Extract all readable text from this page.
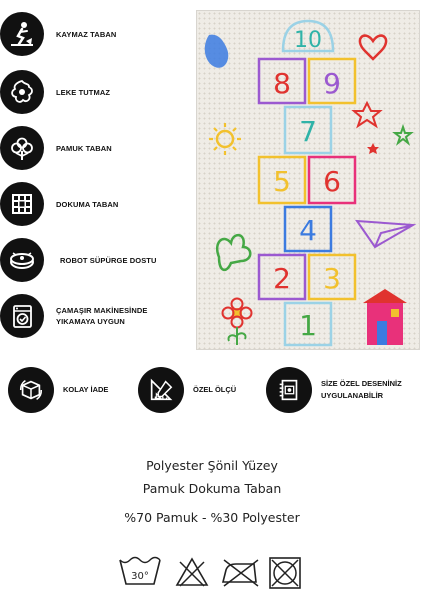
KAYMAZ TABAN
LEKE TUTMAZ
PAMUK TABAN
DOKUMA TABAN
ROBOT SÜPÜRGE DOSTU
ÇAMAŞIR MAKİNESİNDE
YIKAMAYA UYGUN
10
8 9
7
5 6
4
2 3
1
KOLAY İADE	ÖZEL ÖLÇÜ
SİZE ÖZEL DESENİNİZ
UYGULANABİLİR
Polyester Şönil Yüzey
Pamuk Dokuma Taban
%70 Pamuk - %30 Polyester
30°
